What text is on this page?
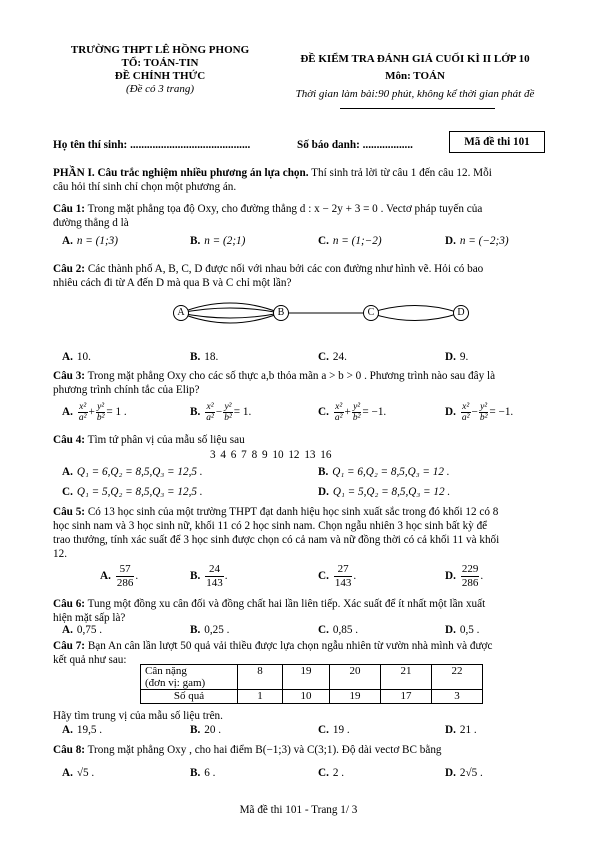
TRƯỜNG THPT LÊ HỒNG PHONG
TỔ: TOÁN-TIN
ĐỀ CHÍNH THỨC
(Đề có 3 trang)
ĐỀ KIỂM TRA ĐÁNH GIÁ CUỐI KÌ II LỚP 10
Môn: TOÁN
Thời gian làm bài:90 phút, không kể thời gian phát đề
Họ tên thí sinh: ...........................................	Số báo danh: ..................	Mã đề thi 101
PHẦN I. Câu trắc nghiệm nhiều phương án lựa chọn. Thí sinh trả lời từ câu 1 đến câu 12. Mỗi
câu hỏi thí sinh chỉ chọn một phương án.
Câu 1: Trong mặt phẳng tọa độ Oxy, cho đường thẳng d : x − 2y + 3 = 0 . Vectơ pháp tuyến của
đường thẳng d là
A. n = (1;3)	B. n = (2;1)	C. n = (1;−2)	D. n = (−2;3)
Câu 2: Các thành phố A, B, C, D được nối với nhau bởi các con đường như hình vẽ. Hỏi có bao
nhiêu cách đi từ A đến D mà qua B và C chỉ một lần?
A	B	C	D
A. 10.	B. 18.	C. 24.	D. 9.
Câu 3: Trong mặt phẳng Oxy cho các số thực a,b thỏa mãn a > b > 0 . Phương trình nào sau đây là
phương trình chính tắc của Elip?
A. $\frac{\text{x²}}{\text{a²}} + \frac{\text{y²}}{\text{b²}} = 1$ .	B. $\frac{\text{x²}}{\text{a²}} - \frac{\text{y²}}{\text{b²}} = 1$.	C. $\frac{\text{x²}}{\text{a²}} + \frac{\text{y²}}{\text{b²}} = -1$.	D. $\frac{\text{x²}}{\text{a²}} - \frac{\text{y²}}{\text{b²}} = -1$.
Câu 4: Tìm tứ phân vị của mẫu số liệu sau
3 4 6 7 8 9 10 12 13 16
A. Q₁ = 6,Q₂ = 8,5,Q₃ = 12,5 .	B. Q₁ = 6,Q₂ = 8,5,Q₃ = 12 .
C. Q₁ = 5,Q₂ = 8,5,Q₃ = 12,5 .	D. Q₁ = 5,Q₂ = 8,5,Q₃ = 12 .
Câu 5: Có 13 học sinh của một trường THPT đạt danh hiệu học sinh xuất sắc trong đó khối 12 có 8
học sinh nam và 3 học sinh nữ, khối 11 có 2 học sinh nam. Chọn ngẫu nhiên 3 học sinh bất kỳ để
trao thưởng, tính xác suất để 3 học sinh được chọn có cả nam và nữ đồng thời có cả khối 11 và khối
12.
A. $\frac{57}{286}$ .	B. $\frac{24}{143}$ .	C. $\frac{27}{143}$ .	D. $\frac{229}{286}$ .
Câu 6: Tung một đồng xu cân đối và đồng chất hai lần liên tiếp. Xác suất để ít nhất một lần xuất
hiện mặt sấp là?
A. 0,75 .	B. 0,25 .	C. 0,85 .	D. 0,5 .
Câu 7: Bạn An cân lần lượt 50 quả vải thiều được lựa chọn ngẫu nhiên từ vườn nhà mình và được
kết quả như sau:
Cân nặng
(đơn vị: gam)	8	19	20	21	22
Số quả	1	10	19	17	3
Hãy tìm trung vị của mẫu số liệu trên.
A. 19,5 .	B. 20 .	C. 19 .	D. 21 .
Câu 8: Trong mặt phẳng Oxy , cho hai điểm B(−1;3) và C(3;1). Độ dài vectơ BC bằng
A. √5 .	B. 6 .	C. 2 .	D. 2√5 .
Mã đề thi 101 - Trang 1/ 3
